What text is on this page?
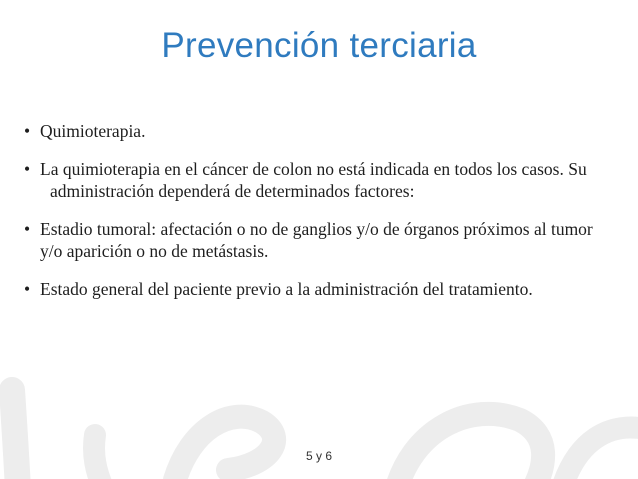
Prevención terciaria
• Quimioterapia.
• La quimioterapia en el cáncer de colon no está indicada en todos los casos. Su administración dependerá de determinados factores:
• Estadio tumoral: afectación o no de ganglios y/o de órganos próximos al tumor y/o aparición o no de metástasis.
• Estado general del paciente previo a la administración del tratamiento.
5 y 6
